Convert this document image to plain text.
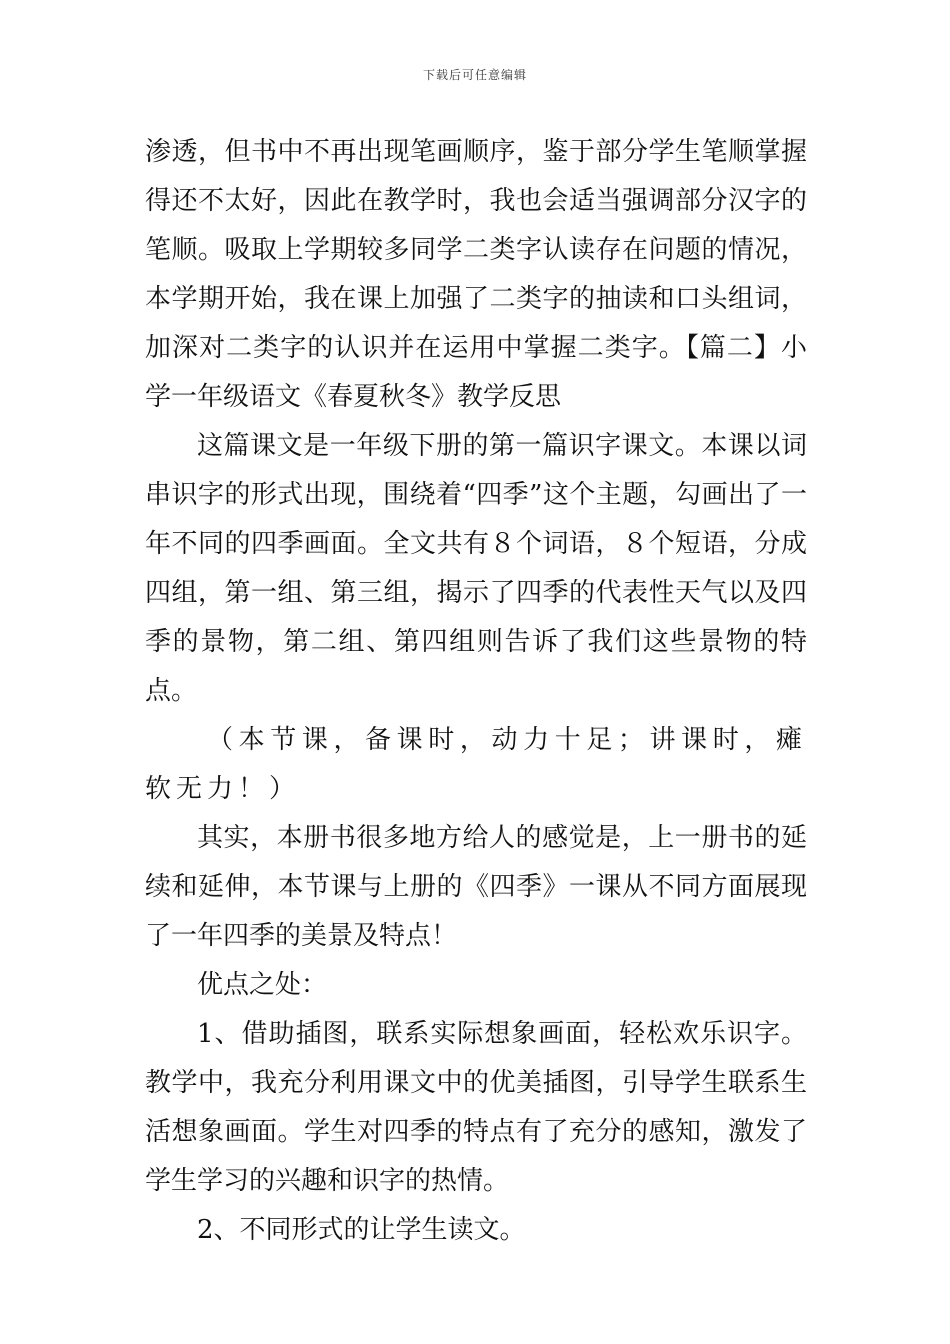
下载后可任意编辑

渗透，但书中不再出现笔画顺序，鉴于部分学生笔顺掌握得还不太好，因此在教学时，我也会适当强调部分汉字的笔顺。吸取上学期较多同学二类字认读存在问题的情况，本学期开始，我在课上加强了二类字的抽读和口头组词，加深对二类字的认识并在运用中掌握二类字。【篇二】小学一年级语文《春夏秋冬》教学反思

这篇课文是一年级下册的第一篇识字课文。本课以词串识字的形式出现，围绕着“四季”这个主题，勾画出了一年不同的四季画面。全文共有８个词语，８个短语，分成四组，第一组、第三组，揭示了四季的代表性天气以及四季的景物，第二组、第四组则告诉了我们这些景物的特点。

（本节课，备课时，动力十足；讲课时，瘫软无力！）

其实，本册书很多地方给人的感觉是，上一册书的延续和延伸，本节课与上册的《四季》一课从不同方面展现了一年四季的美景及特点！

优点之处：

1、借助插图，联系实际想象画面，轻松欢乐识字。教学中，我充分利用课文中的优美插图，引导学生联系生活想象画面。学生对四季的特点有了充分的感知，激发了学生学习的兴趣和识字的热情。

2、不同形式的让学生读文。
